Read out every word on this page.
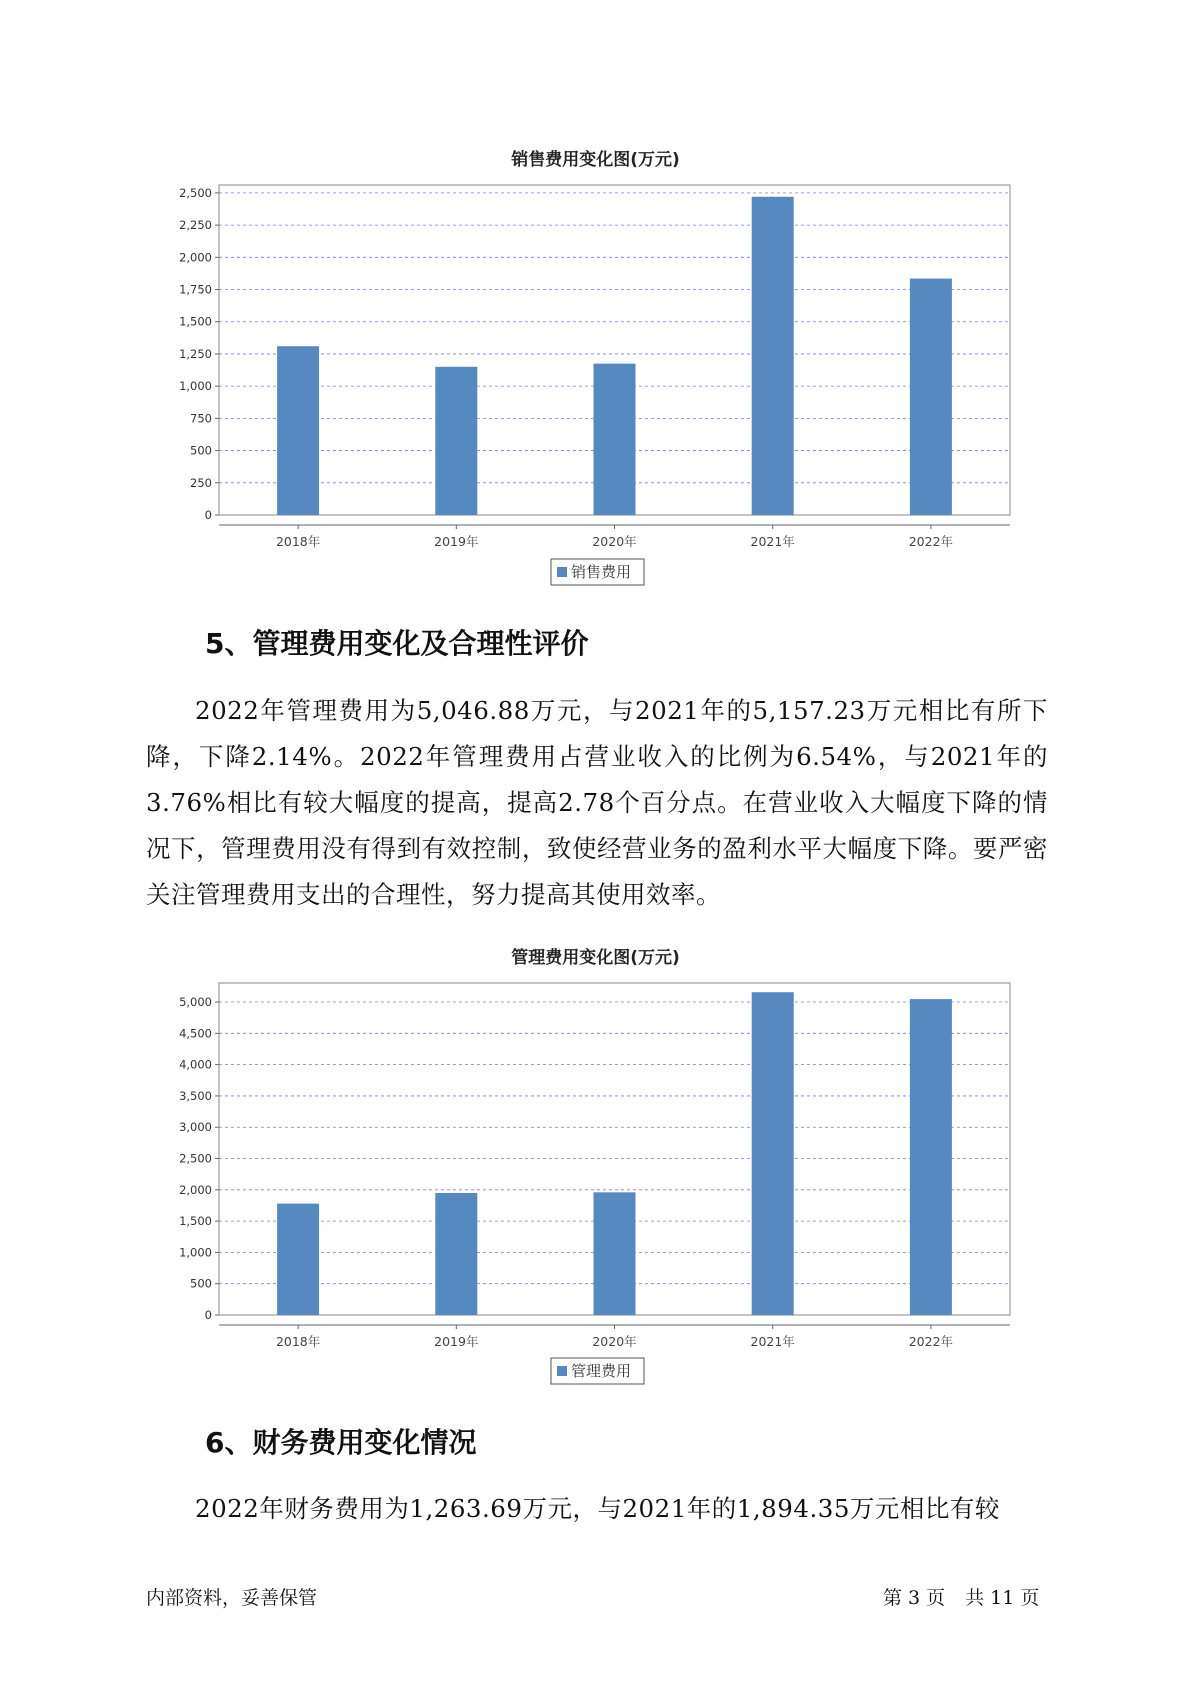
销售费用变化图(万元)
0
250
500
750
1,000
1,250
1,500
1,750
2,000
2,250
2,500
2018年	2019年	2020年	2021年	2022年
销售费用
5、管理费用变化及合理性评价

2022年管理费用为5,046.88万元，与2021年的5,157.23万元相比有所下降，下降2.14%。2022年管理费用占营业收入的比例为6.54%，与2021年的3.76%相比有较大幅度的提高，提高2.78个百分点。在营业收入大幅度下降的情况下，管理费用没有得到有效控制，致使经营业务的盈利水平大幅度下降。要严密关注管理费用支出的合理性，努力提高其使用效率。

管理费用变化图(万元)
0
500
1,000
1,500
2,000
2,500
3,000
3,500
4,000
4,500
5,000
2018年	2019年	2020年	2021年	2022年
管理费用
6、财务费用变化情况

2022年财务费用为1,263.69万元，与2021年的1,894.35万元相比有较

内部资料，妥善保管	第 3 页 共 11 页
